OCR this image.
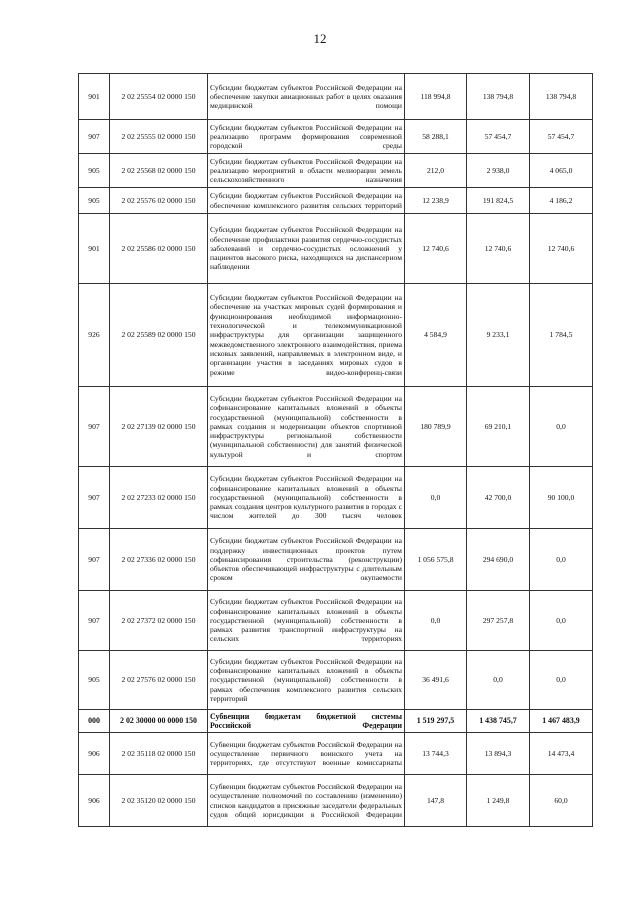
12
901	2 02 25554 02 0000 150	Субсидии бюджетам субъектов Российской Федерации на обеспечение закупки авиационных работ в целях оказания медицинской помощи	118 994,8	138 794,8	138 794,8
907	2 02 25555 02 0000 150	Субсидии бюджетам субъектов Российской Федерации на реализацию программ формирования современной городской среды	58 288,1	57 454,7	57 454,7
905	2 02 25568 02 0000 150	Субсидии бюджетам субъектов Российской Федерации на реализацию мероприятий в области мелиорации земель сельскохозяйственного назначения	212,0	2 938,0	4 065,0
905	2 02 25576 02 0000 150	Субсидии бюджетам субъектов Российской Федерации на обеспечение комплексного развития сельских территорий	12 238,9	191 824,5	4 186,2
901	2 02 25586 02 0000 150	Субсидии бюджетам субъектов Российской Федерации на обеспечение профилактики развития сердечно-сосудистых заболеваний и сердечно-сосудистых осложнений у пациентов высокого риска, находящихся на диспансерном наблюдении	12 740,6	12 740,6	12 740,6
926	2 02 25589 02 0000 150	Субсидии бюджетам субъектов Российской Федерации на обеспечение на участках мировых судей формирования и функционирования необходимой информационно-технологической и телекоммуникационной инфраструктуры для организации защищенного межведомственного электронного взаимодействия, приема исковых заявлений, направляемых в электронном виде, и организации участия в заседаниях мировых судов в режиме видео-конференц-связи	4 584,9	9 233,1	1 784,5
907	2 02 27139 02 0000 150	Субсидии бюджетам субъектов Российской Федерации на софинансирование капитальных вложений в объекты государственной (муниципальной) собственности в рамках создания и модернизации объектов спортивной инфраструктуры региональной собственности (муниципальной собственности) для занятий физической культурой и спортом	180 789,9	69 210,1	0,0
907	2 02 27233 02 0000 150	Субсидии бюджетам субъектов Российской Федерации на софинансирование капитальных вложений в объекты государственной (муниципальной) собственности в рамках создания центров культурного развития в городах с числом жителей до 300 тысяч человек	0,0	42 700,0	90 100,0
907	2 02 27336 02 0000 150	Субсидии бюджетам субъектов Российской Федерации на поддержку инвестиционных проектов путем софинансирования строительства (реконструкции) объектов обеспечивающей инфраструктуры с длительным сроком окупаемости	1 056 575,8	294 690,0	0,0
907	2 02 27372 02 0000 150	Субсидии бюджетам субъектов Российской Федерации на софинансирование капитальных вложений в объекты государственной (муниципальной) собственности в рамках развития транспортной инфраструктуры на сельских территориях	0,0	297 257,8	0,0
905	2 02 27576 02 0000 150	Субсидии бюджетам субъектов Российской Федерации на софинансирование капитальных вложений в объекты государственной (муниципальной) собственности в рамках обеспечения комплексного развития сельских территорий	36 491,6	0,0	0,0
000	2 02 30000 00 0000 150	Субвенции бюджетам бюджетной системы Российской Федерации	1 519 297,5	1 438 745,7	1 467 483,9
906	2 02 35118 02 0000 150	Субвенции бюджетам субъектов Российской Федерации на осуществление первичного воинского учета на территориях, где отсутствуют военные комиссариаты	13 744,3	13 894,3	14 473,4
906	2 02 35120 02 0000 150	Субвенции бюджетам субъектов Российской Федерации на осуществление полномочий по составлению (изменению) списков кандидатов в присяжные заседатели федеральных судов общей юрисдикции в Российской Федерации	147,8	1 249,8	60,0
